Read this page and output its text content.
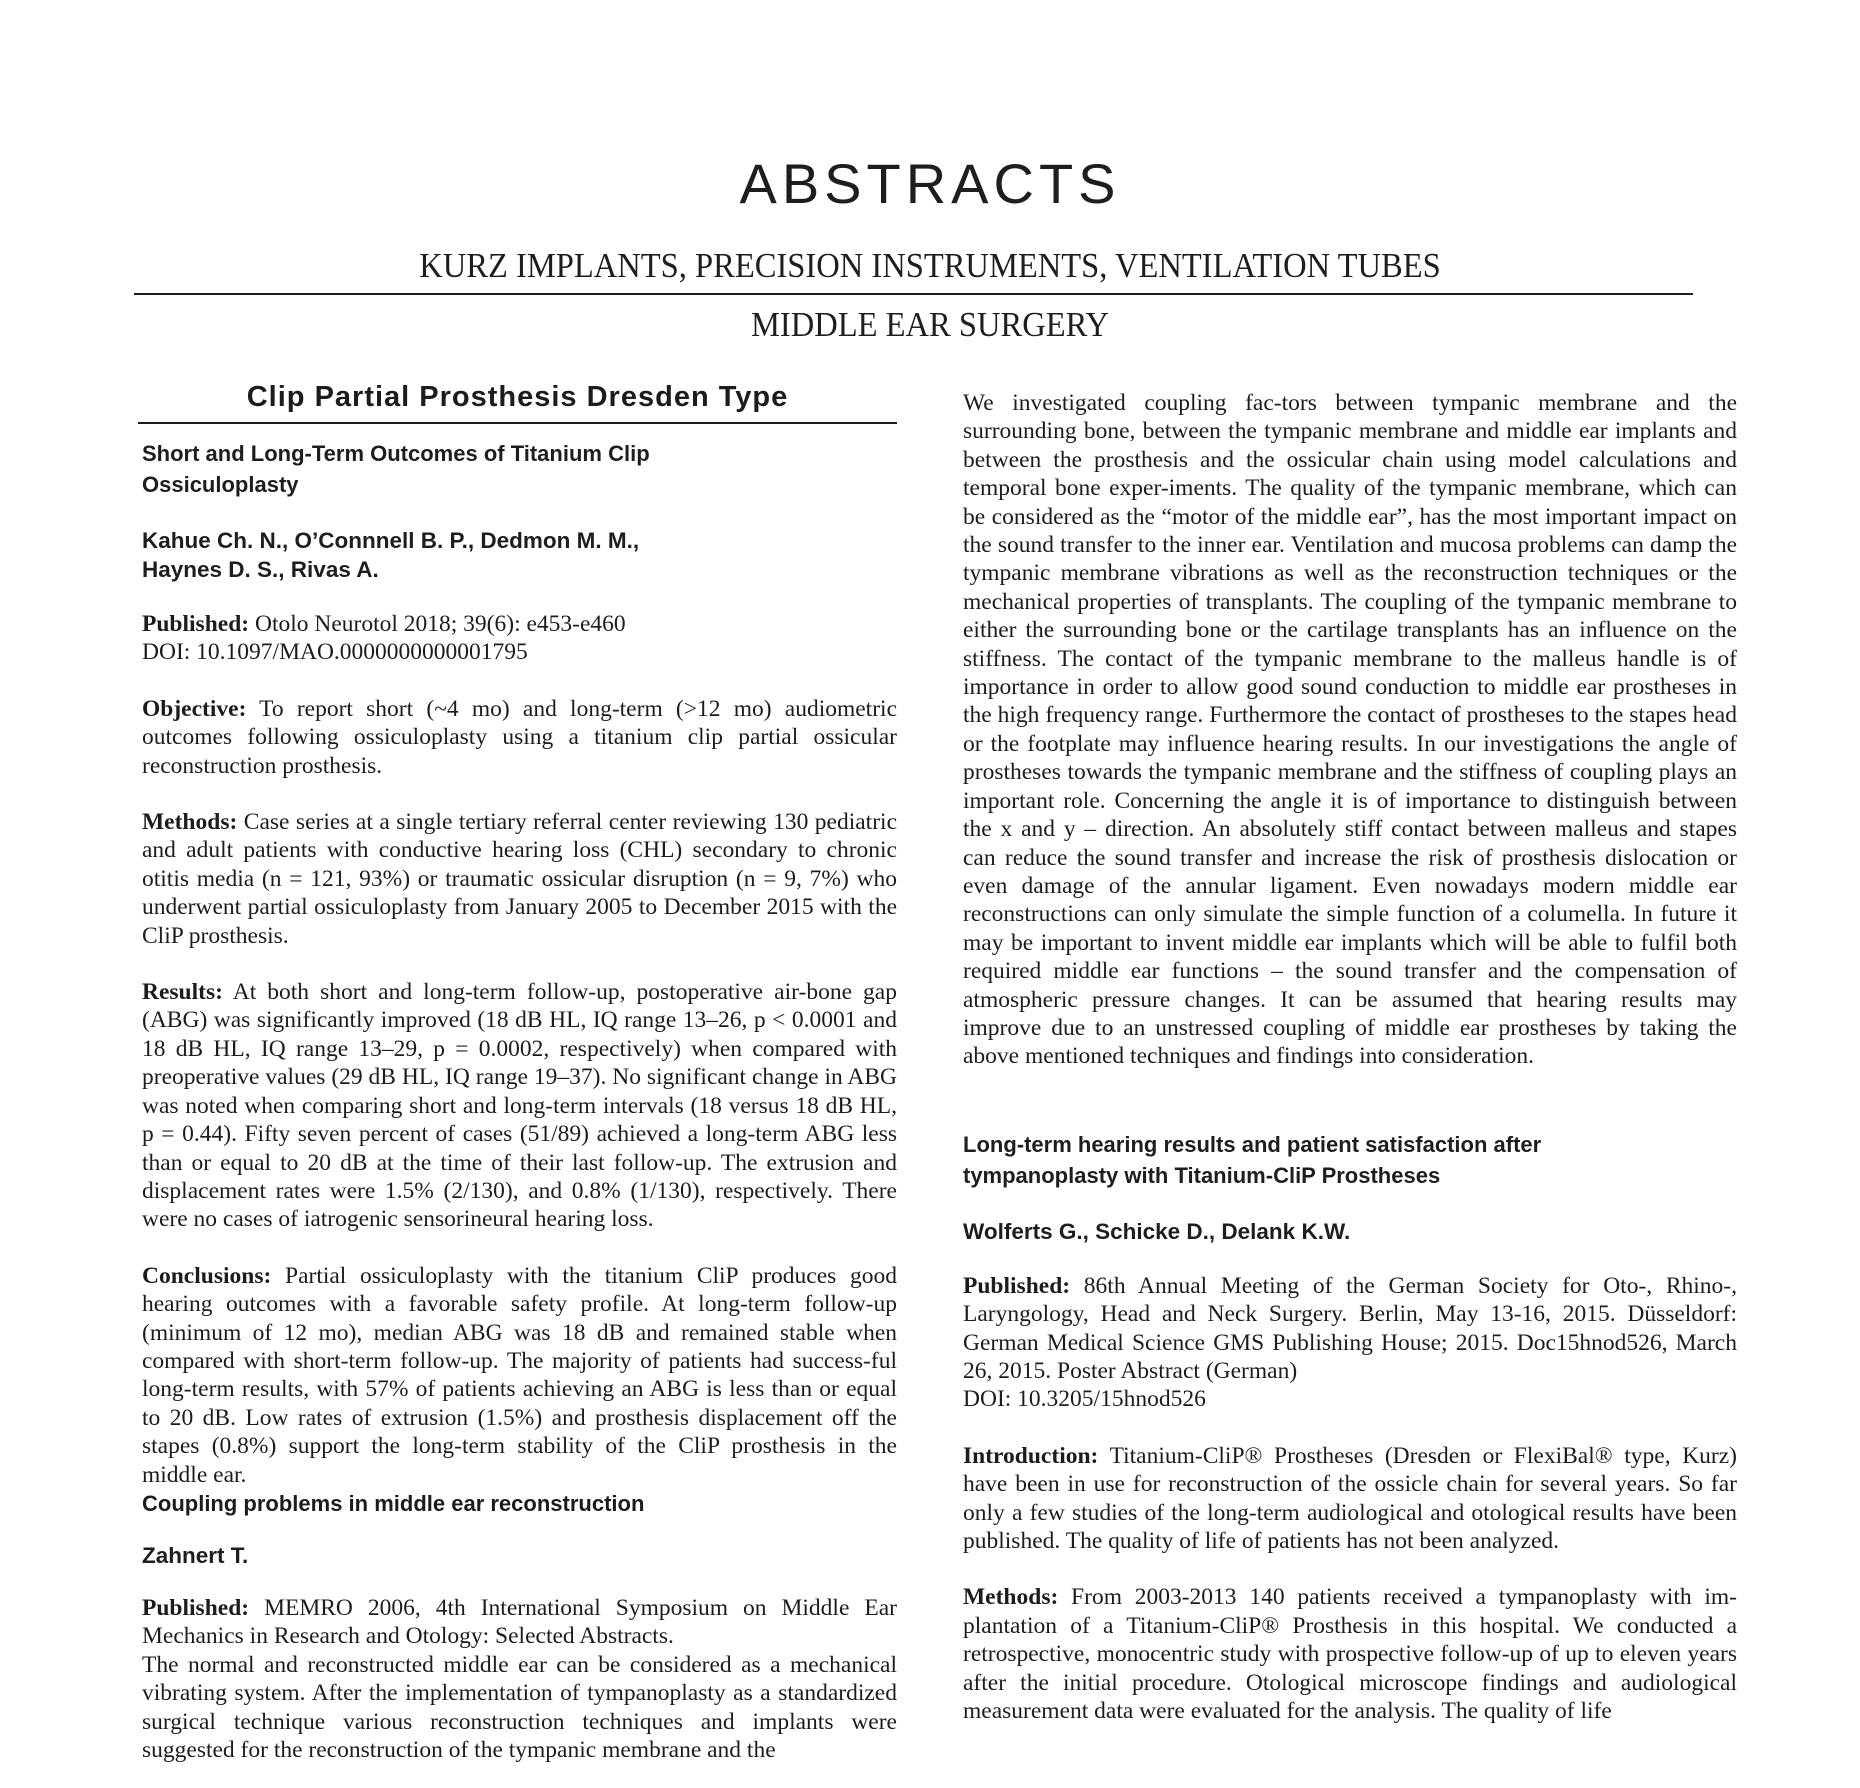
ABSTRACTS
KURZ IMPLANTS, PRECISION INSTRUMENTS, VENTILATION TUBES
MIDDLE EAR SURGERY
Clip Partial Prosthesis Dresden Type

Short and Long-Term Outcomes of Titanium Clip Ossiculoplasty

Kahue Ch. N., O’Connnell B. P., Dedmon M. M.,
Haynes D. S., Rivas A.

Published: Otolo Neurotol 2018; 39(6): e453-e460
DOI: 10.1097/MAO.0000000000001795

Objective: To report short (~4 mo) and long-term (>12 mo) audiometric outcomes following ossiculoplasty using a titanium clip partial ossicular reconstruction prosthesis.

Methods: Case series at a single tertiary referral center reviewing 130 pediatric and adult patients with conductive hearing loss (CHL) secondary to chronic otitis media (n = 121, 93%) or traumatic ossicular disruption (n = 9, 7%) who underwent partial ossiculoplasty from January 2005 to December 2015 with the CliP prosthesis.

Results: At both short and long-term follow-up, postoperative air-bone gap (ABG) was significantly improved (18 dB HL, IQ range 13–26, p < 0.0001 and 18 dB HL, IQ range 13–29, p = 0.0002, respectively) when compared with preoperative values (29 dB HL, IQ range 19–37). No significant change in ABG was noted when comparing short and long-term intervals (18 versus 18 dB HL, p = 0.44). Fifty seven percent of cases (51/89) achieved a long-term ABG less than or equal to 20 dB at the time of their last follow-up. The extrusion and displacement rates were 1.5% (2/130), and 0.8% (1/130), respectively. There were no cases of iatrogenic sensorineural hearing loss.

Conclusions: Partial ossiculoplasty with the titanium CliP produces good hearing outcomes with a favorable safety profile. At long-term follow-up (minimum of 12 mo), median ABG was 18 dB and remained stable when compared with short-term follow-up. The majority of patients had success-ful long-term results, with 57% of patients achieving an ABG is less than or equal to 20 dB. Low rates of extrusion (1.5%) and prosthesis displacement off the stapes (0.8%) support the long-term stability of the CliP prosthesis in the middle ear.

Coupling problems in middle ear reconstruction

Zahnert T.

Published: MEMRO 2006, 4th International Symposium on Middle Ear Mechanics in Research and Otology: Selected Abstracts.

The normal and reconstructed middle ear can be considered as a mechanical vibrating system. After the implementation of tympanoplasty as a standardized surgical technique various reconstruction techniques and implants were suggested for the reconstruction of the tympanic membrane and the

We investigated coupling fac-tors between tympanic membrane and the surrounding bone, between the tympanic membrane and middle ear implants and between the prosthesis and the ossicular chain using model calculations and temporal bone exper-iments. The quality of the tympanic membrane, which can be considered as the “motor of the middle ear”, has the most important impact on the sound transfer to the inner ear. Ventilation and mucosa problems can damp the tympanic membrane vibrations as well as the reconstruction techniques or the mechanical properties of transplants. The coupling of the tympanic membrane to either the surrounding bone or the cartilage transplants has an influence on the stiffness. The contact of the tympanic membrane to the malleus handle is of importance in order to allow good sound conduction to middle ear prostheses in the high frequency range. Furthermore the contact of prostheses to the stapes head or the footplate may influence hearing results. In our investigations the angle of prostheses towards the tympanic membrane and the stiffness of coupling plays an important role. Concerning the angle it is of importance to distinguish between the x and y – direction. An absolutely stiff contact between malleus and stapes can reduce the sound transfer and increase the risk of prosthesis dislocation or even damage of the annular ligament. Even nowadays modern middle ear reconstructions can only simulate the simple function of a columella. In future it may be important to invent middle ear implants which will be able to fulfil both required middle ear functions – the sound transfer and the compensation of atmospheric pressure changes. It can be assumed that hearing results may improve due to an unstressed coupling of middle ear prostheses by taking the above mentioned techniques and findings into consideration.

Long-term hearing results and patient satisfaction after
tympanoplasty with Titanium-CliP Prostheses
Wolferts G., Schicke D., Delank K.W.

Published: 86th Annual Meeting of the German Society for Oto-, Rhino-, Laryngology, Head and Neck Surgery. Berlin, May 13-16, 2015. Düsseldorf: German Medical Science GMS Publishing House; 2015. Doc15hnod526, March 26, 2015. Poster Abstract (German)
DOI: 10.3205/15hnod526

Introduction: Titanium-CliP® Prostheses (Dresden or FlexiBal® type, Kurz) have been in use for reconstruction of the ossicle chain for several years. So far only a few studies of the long-term audiological and otological results have been published. The quality of life of patients has not been analyzed.

Methods: From 2003-2013 140 patients received a tympanoplasty with implantation of a Titanium-CliP® Prosthesis in this hospital. We conducted a retrospective, monocentric study with prospective follow-up of up to eleven years after the initial procedure. Otological microscope findings and audiological measurement data were evaluated for the analysis. The quality of life
